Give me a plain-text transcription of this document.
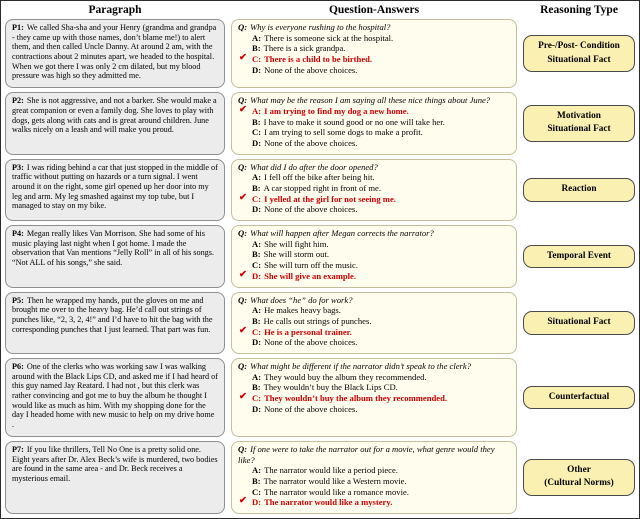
Paragraph	Question-Answers	Reasoning Type
P1: We called Sha-sha and your Henry (grandma and grandpa - they came up with those names, don’t blame me!) to alert them, and then called Uncle Danny. At around 2 am, with the contractions about 2 minutes apart, we headed to the hospital. When we got there I was only 2 cm dilated, but my blood pressure was high so they admitted me.
Q: Why is everyone rushing to the hospital?
A: There is someone sick at the hospital.
B: There is a sick grandpa.
✔ C: There is a child to be birthed.
D: None of the above choices.
Pre-/Post- Condition
Situational Fact
P2: She is not aggressive, and not a barker. She would make a great companion or even a family dog. She loves to play with dogs, gets along with cats and is great around children. June walks nicely on a leash and will make you proud.
Q: What may be the reason I am saying all these nice things about June?
✔ A: I am trying to find my dog a new home.
B: I have to make it sound good or no one will take her.
C: I am trying to sell some dogs to make a profit.
D: None of the above choices.
Motivation
Situational Fact
P3: I was riding behind a car that just stopped in the middle of traffic without putting on hazards or a turn signal. I went around it on the right, some girl opened up her door into my leg and arm. My leg smashed against my top tube, but I managed to stay on my bike.
Q: What did I do after the door opened?
A: I fell off the bike after being hit.
B: A car stopped right in front of me.
✔ C: I yelled at the girl for not seeing me.
D: None of the above choices.
Reaction
P4: Megan really likes Van Morrison. She had some of his music playing last night when I got home. I made the observation that Van mentions “Jelly Roll” in all of his songs. “Not ALL of his songs,” she said.
Q: What will happen after Megan corrects the narrator?
A: She will fight him.
B: She will storm out.
C: She will turn off the music.
✔ D: She will give an example.
Temporal Event
P5: Then he wrapped my hands, put the gloves on me and brought me over to the heavy bag. He’d call out strings of punches like, “2, 3, 2, 4!” and I’d have to hit the bag with the corresponding punches that I just learned. That part was fun.
Q: What does “he” do for work?
A: He makes heavy bags.
B: He calls out strings of punches.
✔ C: He is a personal trainer.
D: None of the above choices.
Situational Fact
P6: One of the clerks who was working saw I was walking around with the Black Lips CD, and asked me if I had heard of this guy named Jay Reatard. I had not , but this clerk was rather convincing and got me to buy the album he thought I would like as much as him. With my shopping done for the day I headed home with new music to help on my drive home .
Q: What might be different if the narrator didn’t speak to the clerk?
A: They would buy the album they recommended.
B: They wouldn’t buy the Black Lips CD.
✔ C: They wouldn’t buy the album they recommended.
D: None of the above choices.
Counterfactual
P7: If you like thrillers, Tell No One is a pretty solid one. Eight years after Dr. Alex Beck’s wife is murdered, two bodies are found in the same area - and Dr. Beck receives a mysterious email.
Q: If one were to take the narrator out for a movie, what genre would they like?
A: The narrator would like a period piece.
B: The narrator would like a Western movie.
C: The narrator would like a romance movie.
✔ D: The narrator would like a mystery.
Other
(Cultural Norms)
